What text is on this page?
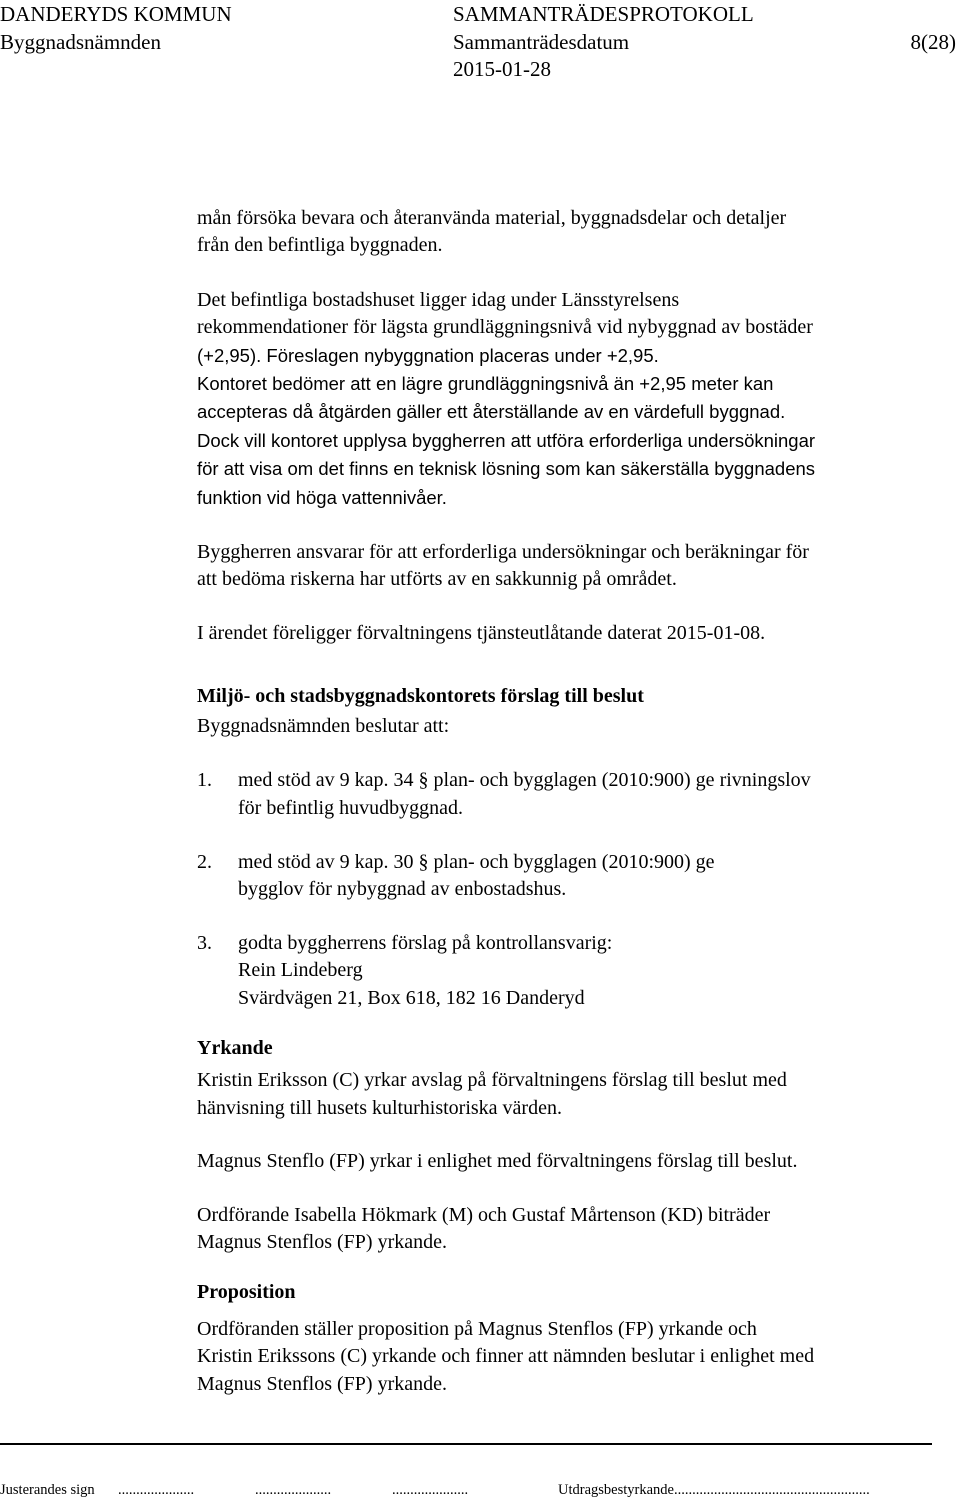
DANDERYDS KOMMUN	SAMMANTRÄDESPROTOKOLL
Byggnadsnämnden	Sammanträdesdatum	8(28)
2015-01-28

mån försöka bevara och återanvända material, byggnadsdelar och detaljer
från den befintliga byggnaden.

Det befintliga bostadshuset ligger idag under Länsstyrelsens
rekommendationer för lägsta grundläggningsnivå vid nybyggnad av bostäder
(+2,95). Föreslagen nybyggnation placeras under +2,95.
Kontoret bedömer att en lägre grundläggningsnivå än +2,95 meter kan
accepteras då åtgärden gäller ett återställande av en värdefull byggnad.
Dock vill kontoret upplysa byggherren att utföra erforderliga undersökningar
för att visa om det finns en teknisk lösning som kan säkerställa byggnadens
funktion vid höga vattennivåer.

Byggherren ansvarar för att erforderliga undersökningar och beräkningar för
att bedöma riskerna har utförts av en sakkunnig på området.

I ärendet föreligger förvaltningens tjänsteutlåtande daterat 2015-01-08.

Miljö- och stadsbyggnadskontorets förslag till beslut

Byggnadsnämnden beslutar att:

1.	med stöd av 9 kap. 34 § plan- och bygglagen (2010:900) ge rivningslov
för befintlig huvudbyggnad.
2.	med stöd av 9 kap. 30 § plan- och bygglagen (2010:900) ge
bygglov för nybyggnad av enbostadshus.
3.	godta byggherrens förslag på kontrollansvarig:
Rein Lindeberg
Svärdvägen 21, Box 618, 182 16 Danderyd

Yrkande

Kristin Eriksson (C) yrkar avslag på förvaltningens förslag till beslut med
hänvisning till husets kulturhistoriska värden.

Magnus Stenflo (FP) yrkar i enlighet med förvaltningens förslag till beslut.

Ordförande Isabella Hökmark (M) och Gustaf Mårtenson (KD) biträder
Magnus Stenflos (FP) yrkande.

Proposition

Ordföranden ställer proposition på Magnus Stenflos (FP) yrkande och
Kristin Erikssons (C) yrkande och finner att nämnden beslutar i enlighet med
Magnus Stenflos (FP) yrkande.

Justerandes sign .....................	.....................	.....................	Utdragsbestyrkande......................................................
